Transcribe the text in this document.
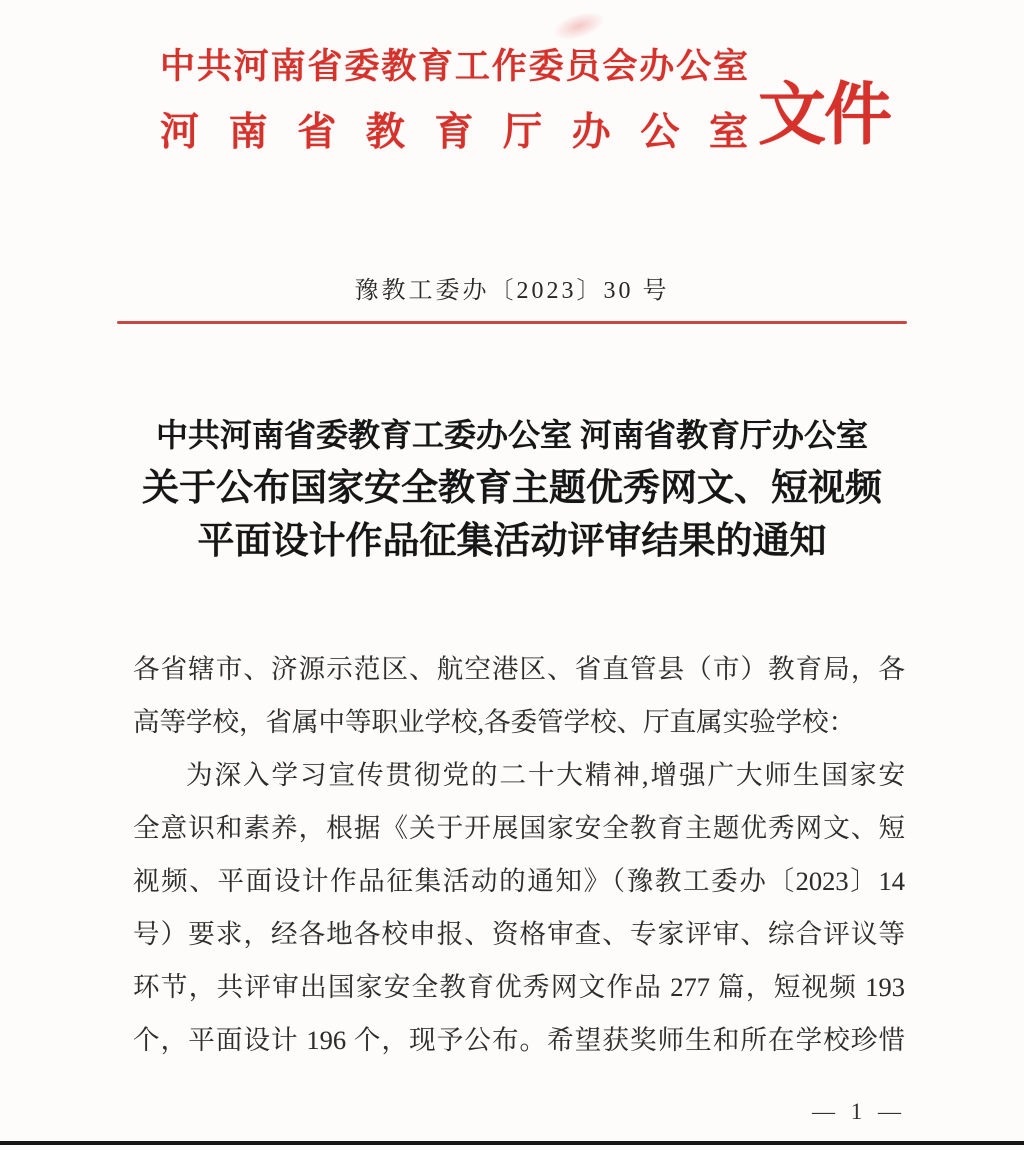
中共河南省委教育工作委员会办公室
河南省教育厅办公室 文件
豫教工委办〔2023〕30 号
中共河南省委教育工委办公室 河南省教育厅办公室
关于公布国家安全教育主题优秀网文、短视频
平面设计作品征集活动评审结果的通知
各省辖市、济源示范区、航空港区、省直管县（市）教育局，各
高等学校，省属中等职业学校,各委管学校、厅直属实验学校：
为深入学习宣传贯彻党的二十大精神,增强广大师生国家安
全意识和素养，根据《关于开展国家安全教育主题优秀网文、短
视频、平面设计作品征集活动的通知》（豫教工委办〔2023〕14
号）要求，经各地各校申报、资格审查、专家评审、综合评议等
环节，共评审出国家安全教育优秀网文作品 277 篇，短视频 193
个，平面设计 196 个，现予公布。希望获奖师生和所在学校珍惜
— 1 —
